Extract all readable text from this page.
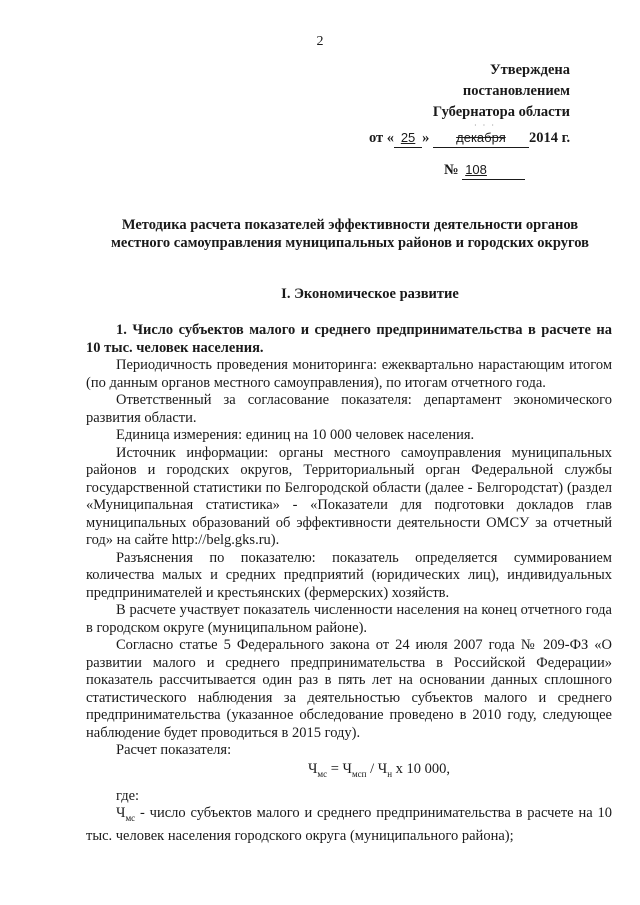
2
Утверждена
постановлением
Губернатора области
· · ·
от « 25 » декабря 2014 г.
№ 108
Методика расчета показателей эффективности деятельности органов
местного самоуправления муниципальных районов и городских округов
I. Экономическое развитие

1. Число субъектов малого и среднего предпринимательства в расчете на 10 тыс. человек населения.

Периодичность проведения мониторинга: ежеквартально нарастающим итогом (по данным органов местного самоуправления), по итогам отчетного года.

Ответственный за согласование показателя: департамент экономического развития области.

Единица измерения: единиц на 10 000 человек населения.

Источник информации: органы местного самоуправления муниципальных районов и городских округов, Территориальный орган Федеральной службы государственной статистики по Белгородской области (далее - Белгородстат) (раздел «Муниципальная статистика» - «Показатели для подготовки докладов глав муниципальных образований об эффективности деятельности ОМСУ за отчетный год» на сайте http://belg.gks.ru).

Разъяснения по показателю: показатель определяется суммированием количества малых и средних предприятий (юридических лиц), индивидуальных предпринимателей и крестьянских (фермерских) хозяйств.

В расчете участвует показатель численности населения на конец отчетного года в городском округе (муниципальном районе).

Согласно статье 5 Федерального закона от 24 июля 2007 года № 209-ФЗ «О развитии малого и среднего предпринимательства в Российской Федерации» показатель рассчитывается один раз в пять лет на основании данных сплошного статистического наблюдения за деятельностью субъектов малого и среднего предпринимательства (указанное обследование проведено в 2010 году, следующее наблюдение будет проводиться в 2015 году).

Расчет показателя:

$Ч_{мс} = Ч_{мсп} / Ч_н$ х 10 000,
где:

$Ч_{мс}$ - число субъектов малого и среднего предпринимательства в расчете на 10 тыс. человек населения городского округа (муниципального района);
